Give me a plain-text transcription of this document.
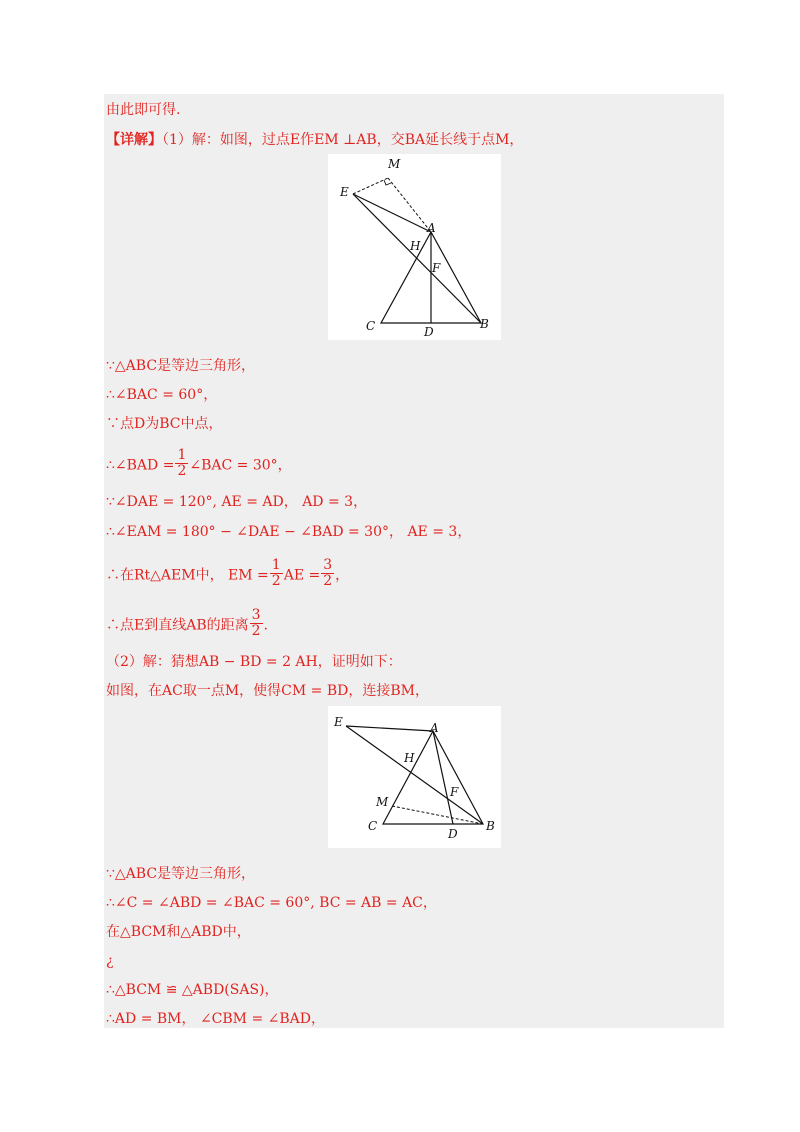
由此即可得.
【详解】（1）解：如图，过点E作EM ⊥AB，交BA延长线于点M，
M
E
A
H
F
C	D
B
∵△ABC是等边三角形，
∴∠BAC = 60°，
∵点D为BC中点，
∴∠BAD = $\frac{1}{2}$ ∠BAC = 30°，
∵∠DAE = 120°, AE = AD， AD = 3，
∴∠EAM = 180° − ∠DAE − ∠BAD = 30°， AE = 3，
∴在Rt△AEM中， EM = $\frac{1}{2}$ AE = $\frac{3}{2}$ ，
∴点E到直线AB的距离 $\frac{3}{2}$ .
（2）解：猜想AB − BD = 2 AH，证明如下：
如图，在AC取一点M，使得CM = BD，连接BM，
E	A
H
F
M
C
D
B
∵△ABC是等边三角形，
∴∠C = ∠ABD = ∠BAC = 60°, BC = AB = AC，
在△BCM和△ABD中，
¿
∴△BCM ≌ △ABD(SAS)，
∴AD = BM， ∠CBM = ∠BAD，
